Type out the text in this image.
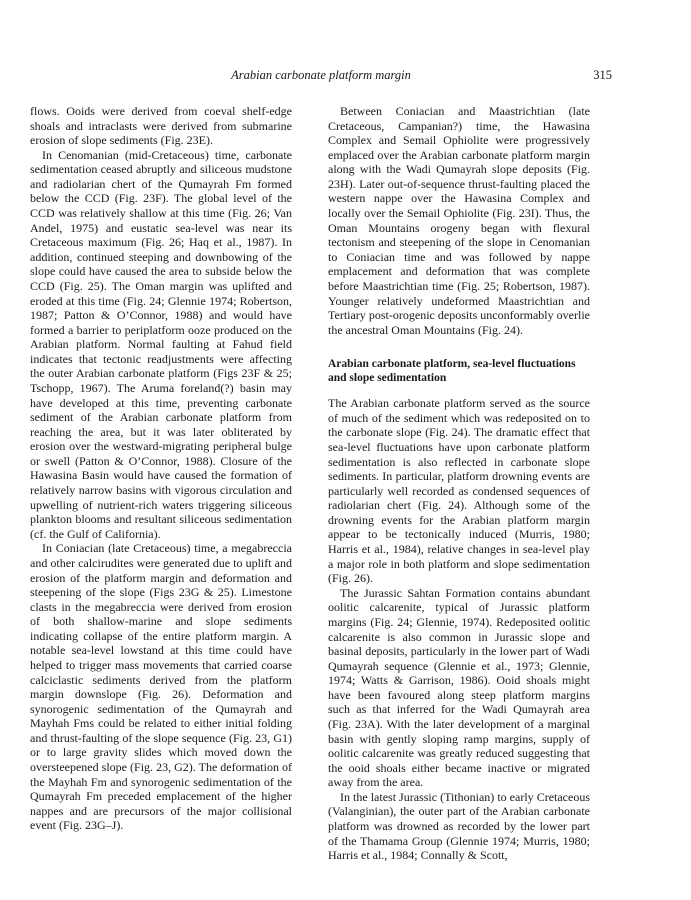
Arabian carbonate platform margin	315

flows. Ooids were derived from coeval shelf-edge shoals and intraclasts were derived from submarine erosion of slope sediments (Fig. 23E).

In Cenomanian (mid-Cretaceous) time, carbonate sedimentation ceased abruptly and siliceous mudstone and radiolarian chert of the Qumayrah Fm formed below the CCD (Fig. 23F). The global level of the CCD was relatively shallow at this time (Fig. 26; Van Andel, 1975) and eustatic sea-level was near its Cretaceous maximum (Fig. 26; Haq et al., 1987). In addition, continued steeping and downbowing of the slope could have caused the area to subside below the CCD (Fig. 25). The Oman margin was uplifted and eroded at this time (Fig. 24; Glennie 1974; Robertson, 1987; Patton & O’Connor, 1988) and would have formed a barrier to periplatform ooze produced on the Arabian platform. Normal faulting at Fahud field indicates that tectonic readjustments were affecting the outer Arabian carbonate platform (Figs 23F & 25; Tschopp, 1967). The Aruma foreland(?) basin may have developed at this time, preventing carbonate sediment of the Arabian carbonate platform from reaching the area, but it was later obliterated by erosion over the westward-migrating peripheral bulge or swell (Patton & O’Connor, 1988). Closure of the Hawasina Basin would have caused the formation of relatively narrow basins with vigorous circulation and upwelling of nutrient-rich waters triggering siliceous plankton blooms and resultant siliceous sedimentation (cf. the Gulf of California).

In Coniacian (late Cretaceous) time, a megabreccia and other calcirudites were generated due to uplift and erosion of the platform margin and deformation and steepening of the slope (Figs 23G & 25). Limestone clasts in the megabreccia were derived from erosion of both shallow-marine and slope sediments indicating collapse of the entire platform margin. A notable sea-level lowstand at this time could have helped to trigger mass movements that carried coarse calciclastic sediments derived from the platform margin downslope (Fig. 26). Deformation and synorogenic sedimentation of the Qumayrah and Mayhah Fms could be related to either initial folding and thrust-faulting of the slope sequence (Fig. 23, G1) or to large gravity slides which moved down the oversteepened slope (Fig. 23, G2). The deformation of the Mayhah Fm and synorogenic sedimentation of the Qumayrah Fm preceded emplacement of the higher nappes and are precursors of the major collisional event (Fig. 23G–J).

Between Coniacian and Maastrichtian (late Cretaceous, Campanian?) time, the Hawasina Complex and Semail Ophiolite were progressively emplaced over the Arabian carbonate platform margin along with the Wadi Qumayrah slope deposits (Fig. 23H). Later out-of-sequence thrust-faulting placed the western nappe over the Hawasina Complex and locally over the Semail Ophiolite (Fig. 23I). Thus, the Oman Mountains orogeny began with flexural tectonism and steepening of the slope in Cenomanian to Coniacian time and was followed by nappe emplacement and deformation that was complete before Maastrichtian time (Fig. 25; Robertson, 1987). Younger relatively undeformed Maastrichtian and Tertiary post-orogenic deposits unconformably overlie the ancestral Oman Mountains (Fig. 24).

Arabian carbonate platform, sea-level fluctuations and slope sedimentation

The Arabian carbonate platform served as the source of much of the sediment which was redeposited on to the carbonate slope (Fig. 24). The dramatic effect that sea-level fluctuations have upon carbonate platform sedimentation is also reflected in carbonate slope sediments. In particular, platform drowning events are particularly well recorded as condensed sequences of radiolarian chert (Fig. 24). Although some of the drowning events for the Arabian platform margin appear to be tectonically induced (Murris, 1980; Harris et al., 1984), relative changes in sea-level play a major role in both platform and slope sedimentation (Fig. 26).

The Jurassic Sahtan Formation contains abundant oolitic calcarenite, typical of Jurassic platform margins (Fig. 24; Glennie, 1974). Redeposited oolitic calcarenite is also common in Jurassic slope and basinal deposits, particularly in the lower part of Wadi Qumayrah sequence (Glennie et al., 1973; Glennie, 1974; Watts & Garrison, 1986). Ooid shoals might have been favoured along steep platform margins such as that inferred for the Wadi Qumayrah area (Fig. 23A). With the later development of a marginal basin with gently sloping ramp margins, supply of oolitic calcarenite was greatly reduced suggesting that the ooid shoals either became inactive or migrated away from the area.

In the latest Jurassic (Tithonian) to early Cretaceous (Valanginian), the outer part of the Arabian carbonate platform was drowned as recorded by the lower part of the Thamama Group (Glennie 1974; Murris, 1980; Harris et al., 1984; Connally & Scott,
